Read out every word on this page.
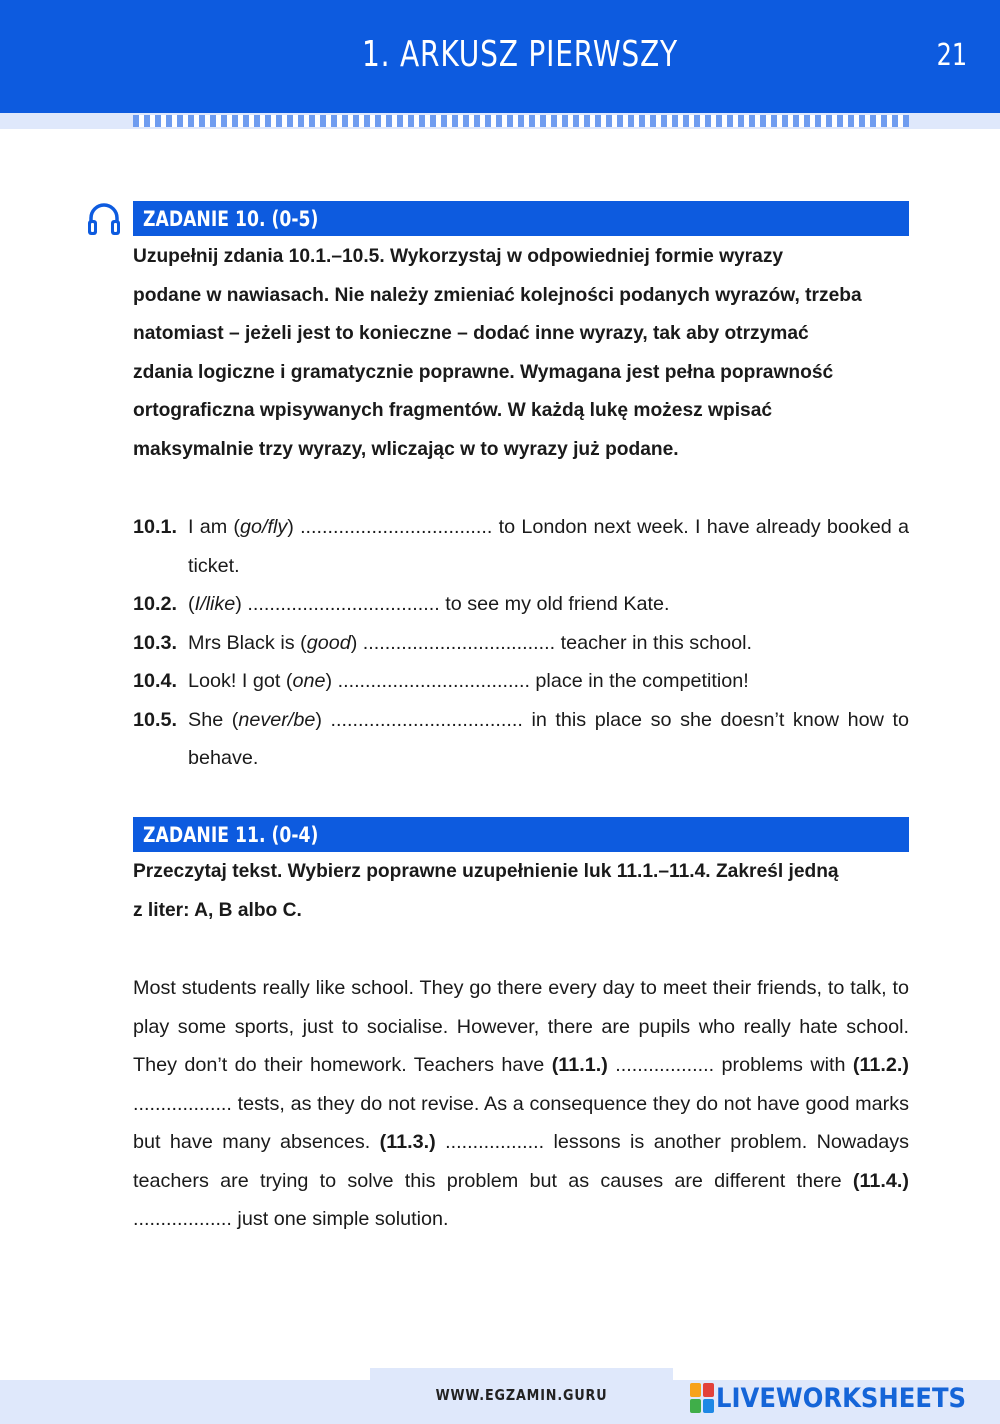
1. ARKUSZ PIERWSZY	21
ZADANIE 10. (0-5)

Uzupełnij zdania 10.1.–10.5. Wykorzystaj w odpowiedniej formie wyrazy
podane w nawiasach. Nie należy zmieniać kolejności podanych wyrazów, trzeba
natomiast – jeżeli jest to konieczne – dodać inne wyrazy, tak aby otrzymać
zdania logiczne i gramatycznie poprawne. Wymagana jest pełna poprawność
ortograficzna wpisywanych fragmentów. W każdą lukę możesz wpisać
maksymalnie trzy wyrazy, wliczając w to wyrazy już podane.

10.1. I am (go/fly) ................................... to London next week. I have already booked a ticket.
10.2. (I/like) ................................... to see my old friend Kate.
10.3. Mrs Black is (good) ................................... teacher in this school.
10.4. Look! I got (one) ................................... place in the competition!
10.5. She (never/be) ................................... in this place so she doesn’t know how to behave.
ZADANIE 11. (0-4)

Przeczytaj tekst. Wybierz poprawne uzupełnienie luk 11.1.–11.4. Zakreśl jedną
z liter: A, B albo C.

Most students really like school. They go there every day to meet their friends, to talk, to play some sports, just to socialise. However, there are pupils who really hate school. They don’t do their homework. Teachers have (11.1.) .................. problems with (11.2.) .................. tests, as they do not revise. As a consequence they do not have good marks but have many absences. (11.3.) .................. lessons is another problem. Nowadays teachers are trying to solve this problem but as causes are different there (11.4.) .................. just one simple solution.

WWW.EGZAMIN.GURU	LIVEWORKSHEETS
